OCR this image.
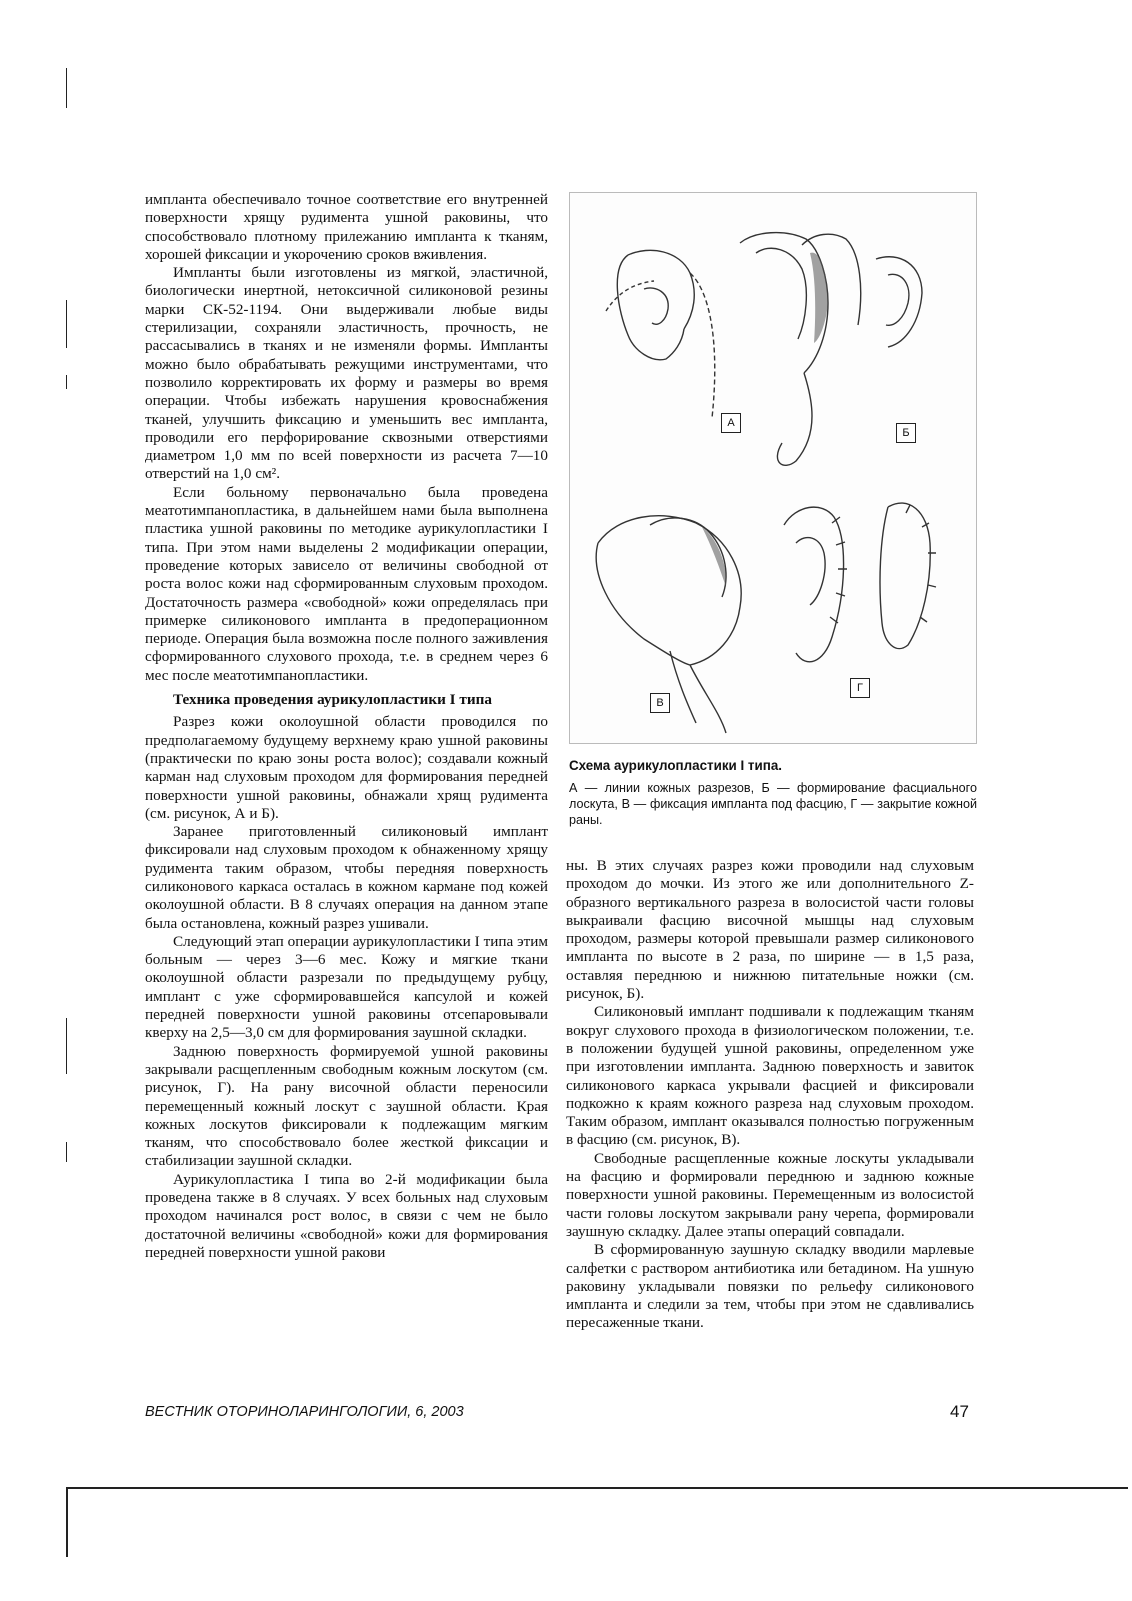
импланта обеспечивало точное соответствие его внутренней поверхности хрящу рудимента ушной раковины, что способствовало плотному прилежанию импланта к тканям, хорошей фиксации и укорочению сроков вживления.

Импланты были изготовлены из мягкой, эластичной, биологически инертной, нетоксичной силиконовой резины марки СК-52-1194. Они выдерживали любые виды стерилизации, сохраняли эластичность, прочность, не рассасывались в тканях и не изменяли формы. Импланты можно было обрабатывать режущими инструментами, что позволило корректировать их форму и размеры во время операции. Чтобы избежать нарушения кровоснабжения тканей, улучшить фиксацию и уменьшить вес импланта, проводили его перфорирование сквозными отверстиями диаметром 1,0 мм по всей поверхности из расчета 7—10 отверстий на 1,0 см².

Если больному первоначально была проведена меатотимпанопластика, в дальнейшем нами была выполнена пластика ушной раковины по методике аурикулопластики I типа. При этом нами выделены 2 модификации операции, проведение которых зависело от величины свободной от роста волос кожи над сформированным слуховым проходом. Достаточность размера «свободной» кожи определялась при примерке силиконового импланта в предоперационном периоде. Операция была возможна после полного заживления сформированного слухового прохода, т.е. в среднем через 6 мес после меатотимпанопластики.

Техника проведения аурикулопластики I типа

Разрез кожи околоушной области проводился по предполагаемому будущему верхнему краю ушной раковины (практически по краю зоны роста волос); создавали кожный карман над слуховым проходом для формирования передней поверхности ушной раковины, обнажали хрящ рудимента (см. рисунок, А и Б).

Заранее приготовленный силиконовый имплант фиксировали над слуховым проходом к обнаженному хрящу рудимента таким образом, чтобы передняя поверхность силиконового каркаса осталась в кожном кармане под кожей околоушной области. В 8 случаях операция на данном этапе была остановлена, кожный разрез ушивали.

Следующий этап операции аурикулопластики I типа этим больным — через 3—6 мес. Кожу и мягкие ткани околоушной области разрезали по предыдущему рубцу, имплант с уже сформировавшейся капсулой и кожей передней поверхности ушной раковины отсепаровывали кверху на 2,5—3,0 см для формирования заушной складки.

Заднюю поверхность формируемой ушной раковины закрывали расщепленным свободным кожным лоскутом (см. рисунок, Г). На рану височной области переносили перемещенный кожный лоскут с заушной области. Края кожных лоскутов фиксировали к подлежащим мягким тканям, что способствовало более жесткой фиксации и стабилизации заушной складки.

Аурикулопластика I типа во 2-й модификации была проведена также в 8 случаях. У всех больных над слуховым проходом начинался рост волос, в связи с чем не было достаточной величины «свободной» кожи для формирования передней поверхности ушной ракови

А
Б
В
Г
Схема аурикулопластики I типа.
А — линии кожных разрезов, Б — формирование фасциального лоскута, В — фиксация импланта под фасцию, Г — закрытие кожной раны.

ны. В этих случаях разрез кожи проводили над слуховым проходом до мочки. Из этого же или дополнительного Z-образного вертикального разреза в волосистой части головы выкраивали фасцию височной мышцы над слуховым проходом, размеры которой превышали размер силиконового импланта по высоте в 2 раза, по ширине — в 1,5 раза, оставляя переднюю и нижнюю питательные ножки (см. рисунок, Б).

Силиконовый имплант подшивали к подлежащим тканям вокруг слухового прохода в физиологическом положении, т.е. в положении будущей ушной раковины, определенном уже при изготовлении импланта. Заднюю поверхность и завиток силиконового каркаса укрывали фасцией и фиксировали подкожно к краям кожного разреза над слуховым проходом. Таким образом, имплант оказывался полностью погруженным в фасцию (см. рисунок, В).

Свободные расщепленные кожные лоскуты укладывали на фасцию и формировали переднюю и заднюю кожные поверхности ушной раковины. Перемещенным из волосистой части головы лоскутом закрывали рану черепа, формировали заушную складку. Далее этапы операций совпадали.

В сформированную заушную складку вводили марлевые салфетки с раствором антибиотика или бетадином. На ушную раковину укладывали повязки по рельефу силиконового импланта и следили за тем, чтобы при этом не сдавливались пересаженные ткани.

ВЕСТНИК ОТОРИНОЛАРИНГОЛОГИИ, 6, 2003	47
